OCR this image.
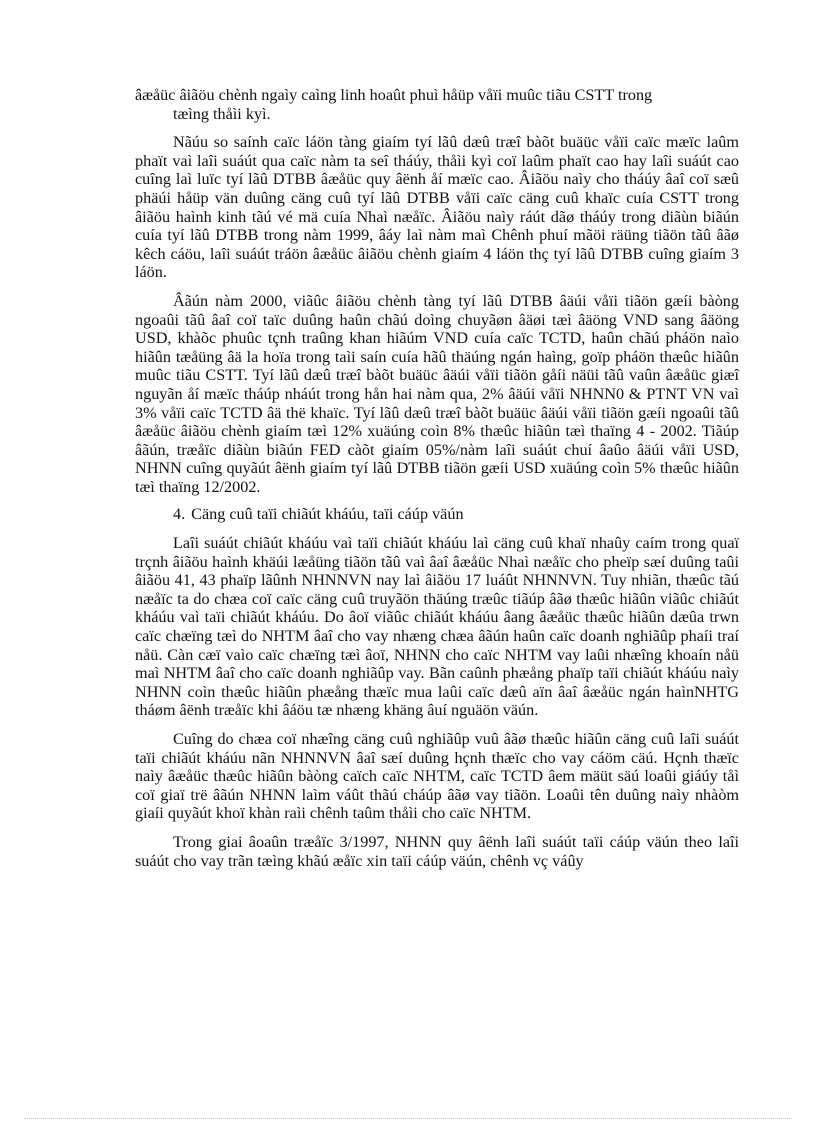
âæåüc âiãöu chènh ngaìy caìng linh hoaût phuì håüp våïi muûc tiãu CSTT trong
tæìng thåìi kyì.

Nãúu so saính caïc láön tàng giaím tyí lãû dæû træî bàõt buäüc våïi caïc mæïc laûm phaït vaì laîi suáút qua caïc nàm ta seî tháúy, thåìi kyì coï laûm phaït cao hay laîi suáút cao cuîng laì luïc tyí lãû DTBB âæåüc quy âënh åí mæïc cao. Âiãöu naìy cho tháúy âaî coï sæû phäúi håüp vän duûng cäng cuû tyí lãû DTBB våïi caïc cäng cuû khaïc cuía CSTT trong âiãöu haình kinh tãú vé mä cuía Nhaì næåïc. Âiãöu naìy ráút dãø tháúy trong diãùn biãún cuía tyí lãû DTBB trong nàm 1999, âáy laì nàm maì Chênh phuí mãöi räüng tiãön tãû âãø kêch cáöu, laîi suáút tráön âæåüc âiãöu chènh giaím 4 láön thç tyí lãû DTBB cuîng giaím 3 láön.

Âãún nàm 2000, viãûc âiãöu chènh tàng tyí lãû DTBB âäúi våïi tiãön gæíi bàòng ngoaûi tãû âaî coï taïc duûng haûn chãú doìng chuyãøn âäøi tæì âäöng VND sang âäöng USD, khàõc phuûc tçnh traûng khan hiãúm VND cuía caïc TCTD, haûn chãú pháön naìo hiãûn tæåüng âä la hoïa trong taìi saín cuía hãû thäúng ngán haìng, goïp pháön thæûc hiãûn muûc tiãu CSTT. Tyí lãû dæû træî bàõt buäüc âäúi våïi tiãön gåíi näüi tãû vaûn âæåüc giæî nguyãn åí mæïc tháúp nháút trong hån hai nàm qua, 2% âäúi våïi NHNN0 & PTNT VN vaì 3% våïi caïc TCTD âä thë khaïc. Tyí lãû dæû træî bàõt buäüc âäúi våïi tiãön gæíi ngoaûi tãû âæåüc âiãöu chènh giaím tæì 12% xuäúng coìn 8% thæûc hiãûn tæì thaïng 4 - 2002. Tiãúp âãún, træåïc diãùn biãún FED càõt giaím 05%/nàm laîi suáút chuí âaûo âäúi våïi USD, NHNN cuîng quyãút âënh giaím tyí lãû DTBB tiãön gæíi USD xuäúng coìn 5% thæûc hiãûn tæì thaïng 12/2002.

4. Cäng cuû taïi chiãút kháúu, taïi cáúp väún

Laîi suáút chiãút kháúu vaì taïi chiãút kháúu laì cäng cuû khaï nhaûy caím trong quaï trçnh âiãöu haình khäúi læåüng tiãön tãû vaì âaî âæåüc Nhaì næåïc cho pheïp sæí duûng taûi âiãöu 41, 43 phaïp lãûnh NHNNVN nay laì âiãöu 17 luáût NHNNVN. Tuy nhiãn, thæûc tãú næåïc ta do chæa coï caïc cäng cuû truyãön thäúng træûc tiãúp âãø thæûc hiãûn viãûc chiãút kháúu vaì taïi chiãút kháúu. Do âoï viãûc chiãút kháúu âang âæåüc thæûc hiãûn dæûa trwn caïc chæïng tæì do NHTM âaî cho vay nhæng chæa âãún haûn caïc doanh nghiãûp phaíi traí nåü. Càn cæï vaìo caïc chæïng tæì âoï, NHNN cho caïc NHTM vay laûi nhæîng khoaín nåü maì NHTM âaî cho caïc doanh nghiãûp vay. Bãn caûnh phæång phaïp taïi chiãút kháúu naìy NHNN coìn thæûc hiãûn phæång thæïc mua laûi caïc dæû aïn âaî âæåüc ngán haìnNHTG tháøm âënh træåïc khi âáöu tæ nhæng khäng âuí nguäön väún.

Cuîng do chæa coï nhæîng cäng cuû nghiãûp vuû âãø thæûc hiãûn cäng cuû laîi suáút taïi chiãút kháúu nãn NHNNVN âaî sæí duûng hçnh thæïc cho vay cáöm cäú. Hçnh thæïc naìy âæåüc thæûc hiãûn bàòng caïch caïc NHTM, caïc TCTD âem mäüt säú loaûi giáúy tåì coï giaï trë âãún NHNN laìm váût thãú cháúp âãø vay tiãön. Loaûi tên duûng naìy nhàòm giaíi quyãút khoï khàn raìi chênh taûm thåìi cho caïc NHTM.

Trong giai âoaûn træåïc 3/1997, NHNN quy âënh laîi suáút taïi cáúp väún theo laîi suáút cho vay trãn tæìng khãú æåïc xin taïi cáúp väún, chênh vç váûy
